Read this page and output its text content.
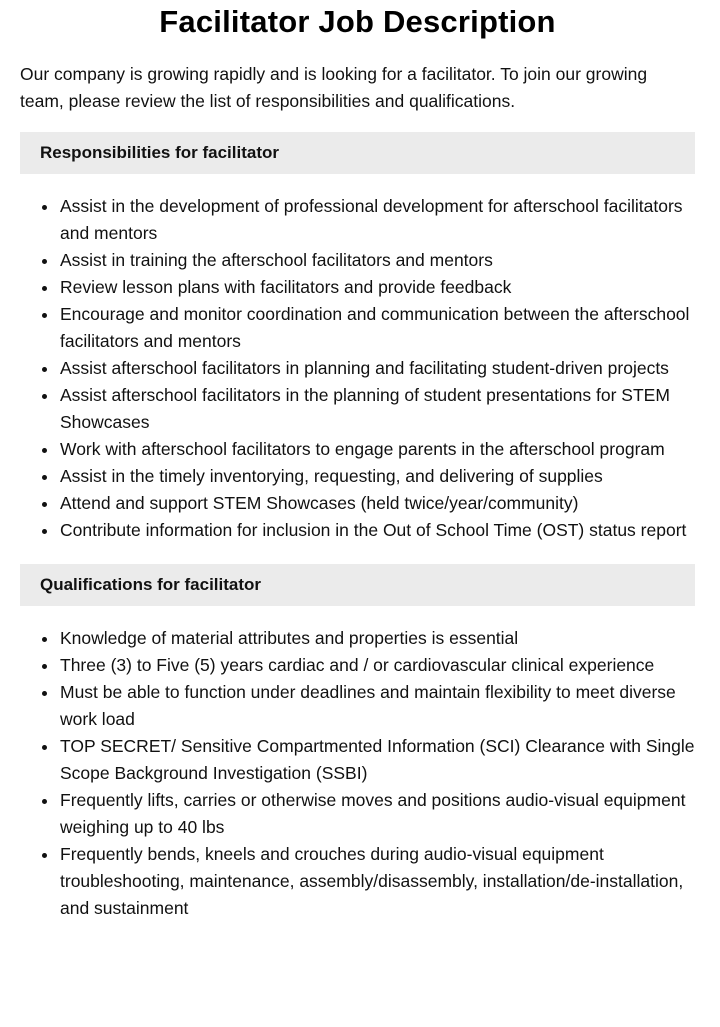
Facilitator Job Description

Our company is growing rapidly and is looking for a facilitator. To join our growing team, please review the list of responsibilities and qualifications.

Responsibilities for facilitator
Assist in the development of professional development for afterschool facilitators and mentors
Assist in training the afterschool facilitators and mentors
Review lesson plans with facilitators and provide feedback
Encourage and monitor coordination and communication between the afterschool facilitators and mentors
Assist afterschool facilitators in planning and facilitating student-driven projects
Assist afterschool facilitators in the planning of student presentations for STEM Showcases
Work with afterschool facilitators to engage parents in the afterschool program
Assist in the timely inventorying, requesting, and delivering of supplies
Attend and support STEM Showcases (held twice/year/community)
Contribute information for inclusion in the Out of School Time (OST) status report
Qualifications for facilitator
Knowledge of material attributes and properties is essential
Three (3) to Five (5) years cardiac and / or cardiovascular clinical experience
Must be able to function under deadlines and maintain flexibility to meet diverse work load
TOP SECRET/ Sensitive Compartmented Information (SCI) Clearance with Single Scope Background Investigation (SSBI)
Frequently lifts, carries or otherwise moves and positions audio-visual equipment weighing up to 40 lbs
Frequently bends, kneels and crouches during audio-visual equipment troubleshooting, maintenance, assembly/disassembly, installation/de-installation, and sustainment
